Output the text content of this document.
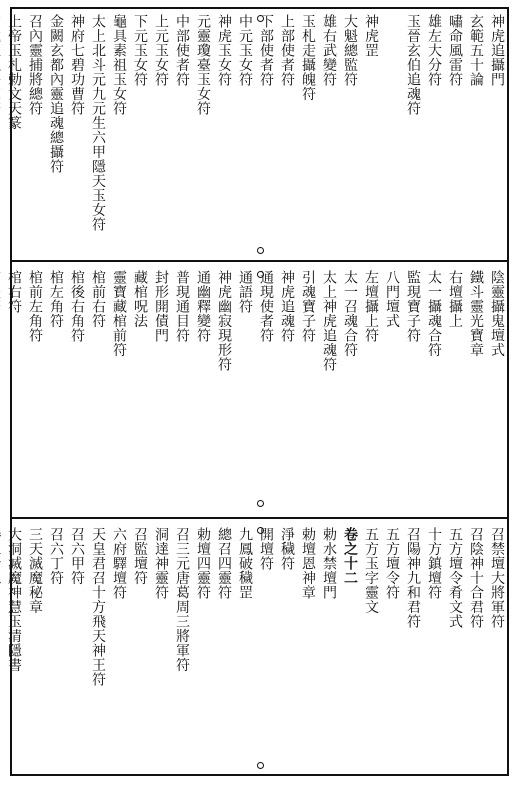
神虎追攝門
玄範五十論
嘯命風雷符
雄左大分符
玉晉玄伯追魂符
神虎罡
大魁總監符
雄右武變符
玉札走攝魄符
上部使者符
下部使者符
中元玉女符
神虎玉女符
元靈瓊臺玉女符
中部使者符
上元玉女符
下元玉女符
龜具素祖玉女符
太上北斗元九元生六甲隱天玉女符
神府七碧功曹符
金闕玄都內靈追魂總攝符
召內靈捕將總符
上帝玉札勅文天篆
陰靈攝鬼壇式
鐵斗靈光寶章
右壇攝上
太一攝魂合符
監現寶子符
八門壇式
左壇攝上符
太一召魂合符
太上神虎追魂符
引魂寶子符
神虎追魂符
通現使者符
通語符
神虎幽寂現形符
通幽釋變符
普現通目符
封形開債門
藏棺呪法
靈寶藏棺前符
棺前右符
棺後右角符
棺左角符
棺前左角符
棺右符
召禁壇大將軍符
召陰神十合君符
五方壇令肴文式
十方鎮壇符
召陽神九和君符
五方壇令符
五方玉字靈文
卷之十二
勅水禁壇門
勅壇恩神章
淨穢符
開壇符
九鳳破穢罡
總召四靈符
勅壇四靈符
召三元唐葛周三將軍符
洞達神靈符
召監壇符
六府驛壇符
天皇君召十方飛天神王符
召六甲符
召六丁符
三天滅魔秘章
大洞滅魔神慧玉清隱書
